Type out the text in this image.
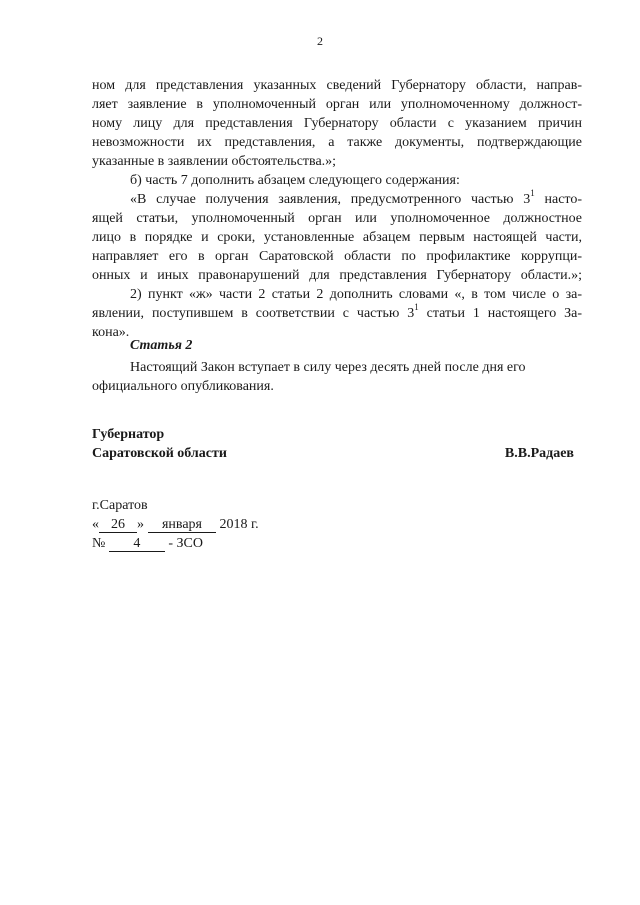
2
ном для представления указанных сведений Губернатору области, направ-
ляет заявление в уполномоченный орган или уполномоченному должност-
ному лицу для представления Губернатору области с указанием причин
невозможности их представления, а также документы, подтверждающие
указанные в заявлении обстоятельства.»;
б) часть 7 дополнить абзацем следующего содержания:
«В случае получения заявления, предусмотренного частью $3^1$ насто-
ящей статьи, уполномоченный орган или уполномоченное должностное
лицо в порядке и сроки, установленные абзацем первым настоящей части,
направляет его в орган Саратовской области по профилактике коррупци-
онных и иных правонарушений для представления Губернатору области.»;
2) пункт «ж» части 2 статьи 2 дополнить словами «, в том числе о за-
явлении, поступившем в соответствии с частью $3^1$ статьи 1 настоящего За-
кона».
Статья 2
Настоящий Закон вступает в силу через десять дней после дня его
официального опубликования.
Губернатор
Саратовской области	В.В.Радаев
г.Саратов
« 26 » января 2018 г.
№ 4 - ЗСО
